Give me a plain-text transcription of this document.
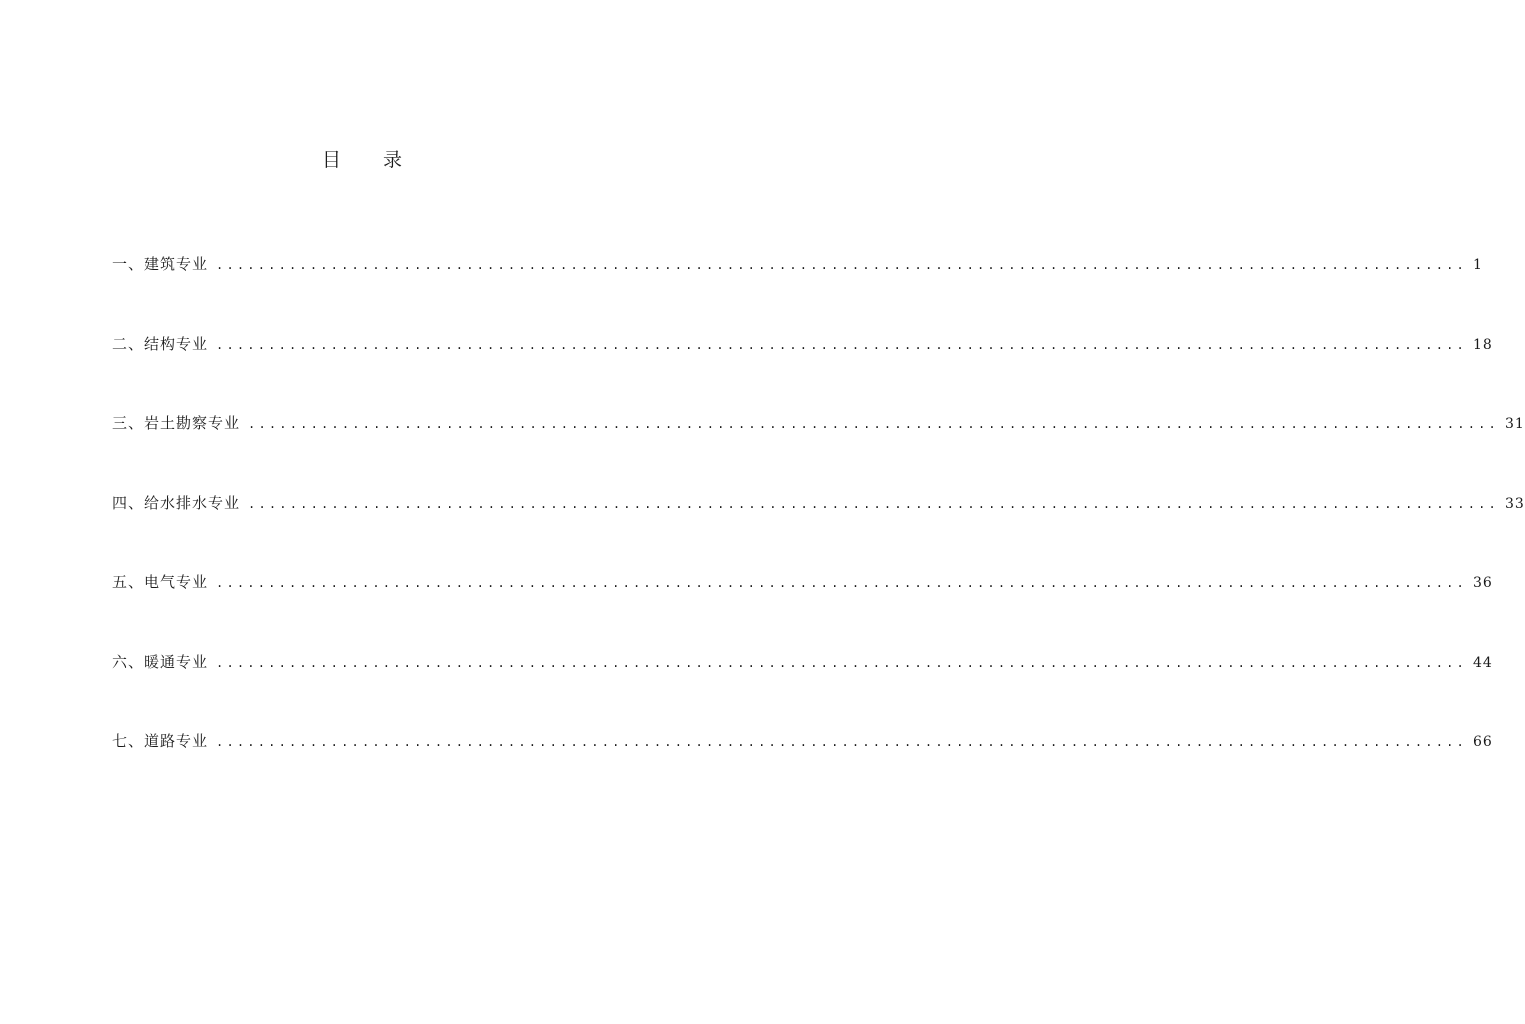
目 录
一、建筑专业 ........................................................................................................................ 1
二、结构专业 ........................................................................................................................ 18
三、岩土勘察专业 ........................................................................................................................ 31
四、给水排水专业 ........................................................................................................................ 33
五、电气专业 ........................................................................................................................ 36
六、暖通专业 ........................................................................................................................ 44
七、道路专业 ........................................................................................................................ 66
